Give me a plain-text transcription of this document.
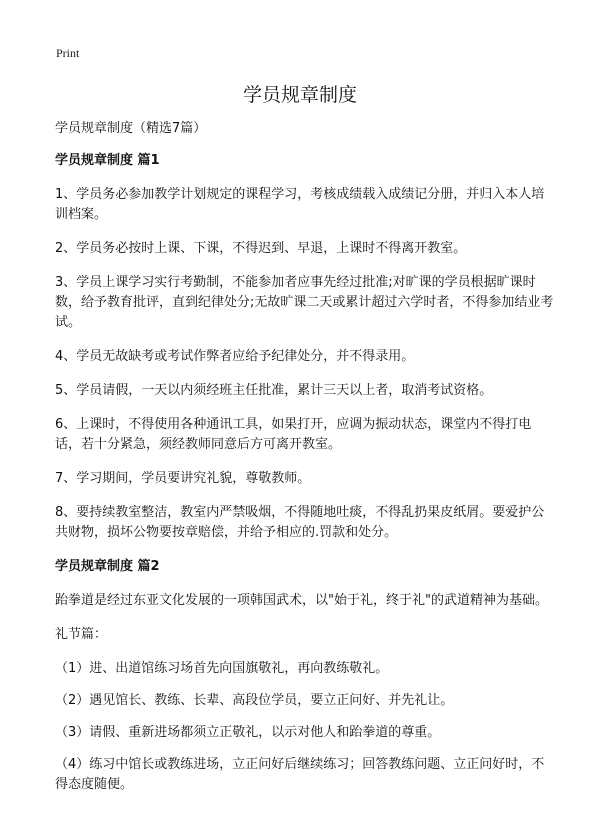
Print
学员规章制度

学员规章制度（精选7篇）

学员规章制度 篇1

1、学员务必参加教学计划规定的课程学习，考核成绩载入成绩记分册，并归入本人培训档案。

2、学员务必按时上课、下课，不得迟到、早退，上课时不得离开教室。

3、学员上课学习实行考勤制，不能参加者应事先经过批准;对旷课的学员根据旷课时数，给予教育批评，直到纪律处分;无故旷课二天或累计超过六学时者，不得参加结业考试。

4、学员无故缺考或考试作弊者应给予纪律处分，并不得录用。

5、学员请假，一天以内须经班主任批准，累计三天以上者，取消考试资格。

6、上课时，不得使用各种通讯工具，如果打开，应调为振动状态，课堂内不得打电话，若十分紧急，须经教师同意后方可离开教室。

7、学习期间，学员要讲究礼貌，尊敬教师。

8、要持续教室整洁，教室内严禁吸烟，不得随地吐痰，不得乱扔果皮纸屑。要爱护公共财物，损坏公物要按章赔偿，并给予相应的.罚款和处分。

学员规章制度 篇2

跆拳道是经过东亚文化发展的一项韩国武术，以"始于礼，终于礼"的武道精神为基础。

礼节篇：

（1）进、出道馆练习场首先向国旗敬礼，再向教练敬礼。

（2）遇见馆长、教练、长辈、高段位学员，要立正问好、并先礼让。

（3）请假、重新进场都须立正敬礼，以示对他人和跆拳道的尊重。

（4）练习中馆长或教练进场，立正问好后继续练习；回答教练问题、立正问好时，不得态度随便。
